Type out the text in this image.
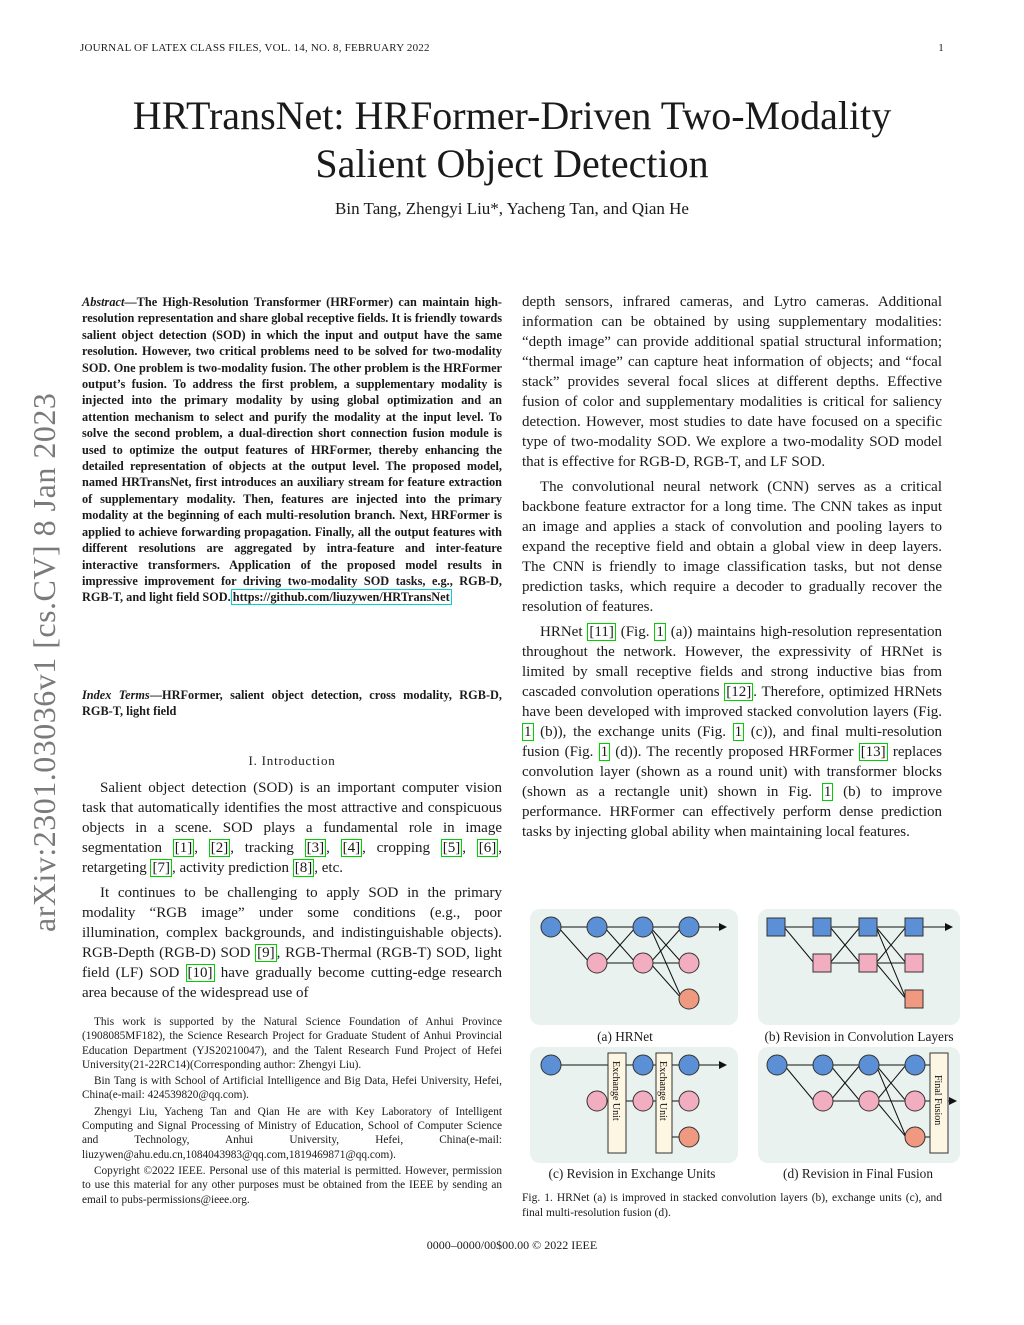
JOURNAL OF LATEX CLASS FILES, VOL. 14, NO. 8, FEBRUARY 2022	1
HRTransNet: HRFormer-Driven Two-Modality
Salient Object Detection
Bin Tang, Zhengyi Liu*, Yacheng Tan, and Qian He
arXiv:2301.03036v1 [cs.CV] 8 Jan 2023

Abstract—The High-Resolution Transformer (HRFormer) can maintain high-resolution representation and share global receptive fields. It is friendly towards salient object detection (SOD) in which the input and output have the same resolution. However, two critical problems need to be solved for two-modality SOD. One problem is two-modality fusion. The other problem is the HRFormer output’s fusion. To address the first problem, a supplementary modality is injected into the primary modality by using global optimization and an attention mechanism to select and purify the modality at the input level. To solve the second problem, a dual-direction short connection fusion module is used to optimize the output features of HRFormer, thereby enhancing the detailed representation of objects at the output level. The proposed model, named HRTransNet, first introduces an auxiliary stream for feature extraction of supplementary modality. Then, features are injected into the primary modality at the beginning of each multi-resolution branch. Next, HRFormer is applied to achieve forwarding propagation. Finally, all the output features with different resolutions are aggregated by intra-feature and inter-feature interactive transformers. Application of the proposed model results in impressive improvement for driving two-modality SOD tasks, e.g., RGB-D, RGB-T, and light field SOD. https://github.com/liuzywen/HRTransNet

Index Terms—HRFormer, salient object detection, cross modality, RGB-D, RGB-T, light field

I. Introduction

Salient object detection (SOD) is an important computer vision task that automatically identifies the most attractive and conspicuous objects in a scene. SOD plays a fundamental role in image segmentation [1] , [2] , tracking [3] , [4] , cropping [5] , [6] , retargeting [7] , activity prediction [8] , etc.

It continues to be challenging to apply SOD in the primary modality “RGB image” under some conditions (e.g., poor illumination, complex backgrounds, and indistinguishable objects). RGB-Depth (RGB-D) SOD [9] , RGB-Thermal (RGB-T) SOD, light field (LF) SOD [10] have gradually become cutting-edge research area because of the widespread use of

This work is supported by the Natural Science Foundation of Anhui Province (1908085MF182), the Science Research Project for Graduate Student of Anhui Provincial Education Department (YJS20210047), and the Talent Research Fund Project of Hefei University(21-22RC14)(Corresponding author: Zhengyi Liu).

Bin Tang is with School of Artificial Intelligence and Big Data, Hefei University, Hefei, China(e-mail: 424539820@qq.com).

Zhengyi Liu, Yacheng Tan and Qian He are with Key Laboratory of Intelligent Computing and Signal Processing of Ministry of Education, School of Computer Science and Technology, Anhui University, Hefei, China(e-mail: liuzywen@ahu.edu.cn,1084043983@qq.com,1819469871@qq.com).

Copyright ©2022 IEEE. Personal use of this material is permitted. However, permission to use this material for any other purposes must be obtained from the IEEE by sending an email to pubs-permissions@ieee.org.

depth sensors, infrared cameras, and Lytro cameras. Additional information can be obtained by using supplementary modalities: “depth image” can provide additional spatial structural information; “thermal image” can capture heat information of objects; and “focal stack” provides several focal slices at different depths. Effective fusion of color and supplementary modalities is critical for saliency detection. However, most studies to date have focused on a specific type of two-modality SOD. We explore a two-modality SOD model that is effective for RGB-D, RGB-T, and LF SOD.

The convolutional neural network (CNN) serves as a critical backbone feature extractor for a long time. The CNN takes as input an image and applies a stack of convolution and pooling layers to expand the receptive field and obtain a global view in deep layers. The CNN is friendly to image classification tasks, but not dense prediction tasks, which require a decoder to gradually recover the resolution of features.

HRNet [11] (Fig. 1 (a)) maintains high-resolution representation throughout the network. However, the expressivity of HRNet is limited by small receptive fields and strong inductive bias from cascaded convolution operations [12] . Therefore, optimized HRNets have been developed with improved stacked convolution layers (Fig. 1 (b)), the exchange units (Fig. 1 (c)), and final multi-resolution fusion (Fig. 1 (d)). The recently proposed HRFormer [13] replaces convolution layer (shown as a round unit) with transformer blocks (shown as a rectangle unit) shown in Fig. 1 (b) to improve performance. HRFormer can effectively perform dense prediction tasks by injecting global ability when maintaining local features.

Exchange Unit	Exchange Unit	Final Fusion
(a) HRNet	(b) Revision in Convolution Layers
(c) Revision in Exchange Units	(d) Revision in Final Fusion
Fig. 1. HRNet (a) is improved in stacked convolution layers (b), exchange units (c), and final multi-resolution fusion (d).
0000–0000/00$00.00 © 2022 IEEE
